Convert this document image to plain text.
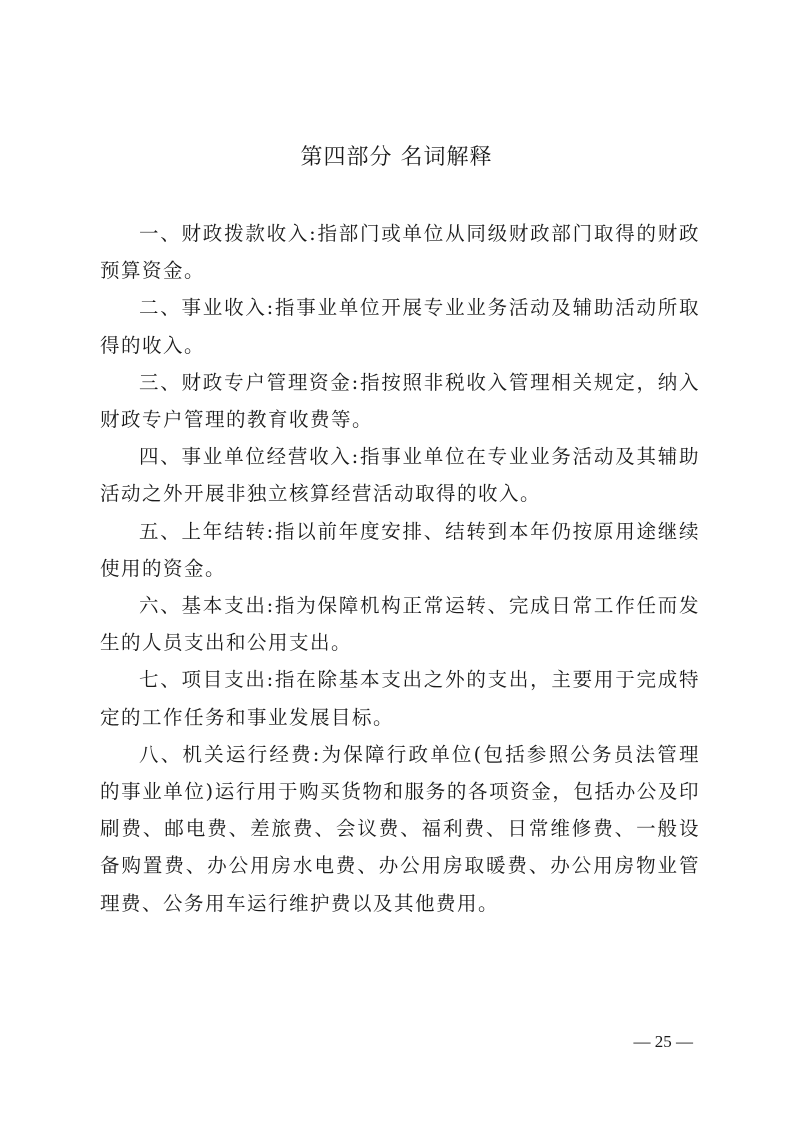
第四部分 名词解释

一、财政拨款收入:指部门或单位从同级财政部门取得的财政预算资金。

二、事业收入:指事业单位开展专业业务活动及辅助活动所取得的收入。

三、财政专户管理资金:指按照非税收入管理相关规定，纳入财政专户管理的教育收费等。

四、事业单位经营收入:指事业单位在专业业务活动及其辅助活动之外开展非独立核算经营活动取得的收入。

五、上年结转:指以前年度安排、结转到本年仍按原用途继续使用的资金。

六、基本支出:指为保障机构正常运转、完成日常工作任而发生的人员支出和公用支出。

七、项目支出:指在除基本支出之外的支出，主要用于完成特定的工作任务和事业发展目标。

八、机关运行经费:为保障行政单位(包括参照公务员法管理的事业单位)运行用于购买货物和服务的各项资金，包括办公及印刷费、邮电费、差旅费、会议费、福利费、日常维修费、一般设备购置费、办公用房水电费、办公用房取暖费、办公用房物业管理费、公务用车运行维护费以及其他费用。

— 25 —
